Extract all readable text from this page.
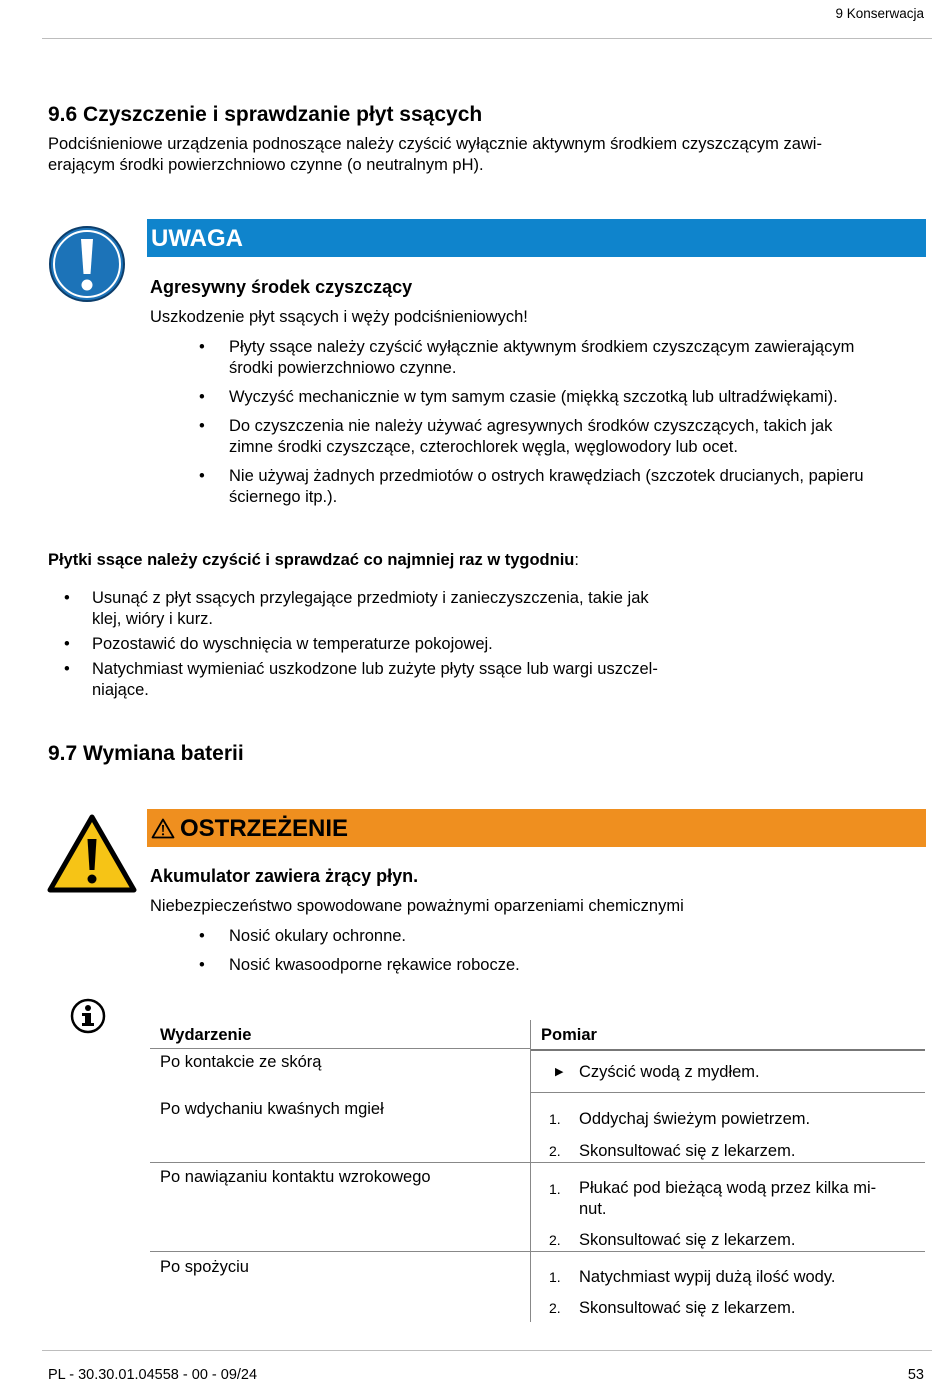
9 Konserwacja
9.6 Czyszczenie i sprawdzanie płyt ssących
Podciśnieniowe urządzenia podnoszące należy czyścić wyłącznie aktywnym środkiem czyszczącym zawi-
erającym środki powierzchniowo czynne (o neutralnym pH).
UWAGA
Agresywny środek czyszczący
Uszkodzenie płyt ssących i węży podciśnieniowych!
• Płyty ssące należy czyścić wyłącznie aktywnym środkiem czyszczącym zawierającym
środki powierzchniowo czynne.
• Wyczyść mechanicznie w tym samym czasie (miękką szczotką lub ultradźwiękami).
• Do czyszczenia nie należy używać agresywnych środków czyszczących, takich jak
zimne środki czyszczące, czterochlorek węgla, węglowodory lub ocet.
• Nie używaj żadnych przedmiotów o ostrych krawędziach (szczotek drucianych, papieru
ściernego itp.).
Płytki ssące należy czyścić i sprawdzać co najmniej raz w tygodniu:
• Usunąć z płyt ssących przylegające przedmioty i zanieczyszczenia, takie jak
klej, wióry i kurz.
• Pozostawić do wyschnięcia w temperaturze pokojowej.
• Natychmiast wymieniać uszkodzone lub zużyte płyty ssące lub wargi uszczel-
niające.
9.7 Wymiana baterii
OSTRZEŻENIE
Akumulator zawiera żrący płyn.
Niebezpieczeństwo spowodowane poważnymi oparzeniami chemicznymi
• Nosić okulary ochronne.
• Nosić kwasoodporne rękawice robocze.
Wydarzenie	Pomiar
Po kontakcie ze skórą
▶ Czyścić wodą z mydłem.
Po wdychaniu kwaśnych mgieł
1. Oddychaj świeżym powietrzem.
2. Skonsultować się z lekarzem.
Po nawiązaniu kontaktu wzrokowego
1. Płukać pod bieżącą wodą przez kilka mi-
nut.
2. Skonsultować się z lekarzem.
Po spożyciu
1. Natychmiast wypij dużą ilość wody.
2. Skonsultować się z lekarzem.
PL - 30.30.01.04558 - 00 - 09/24	53
